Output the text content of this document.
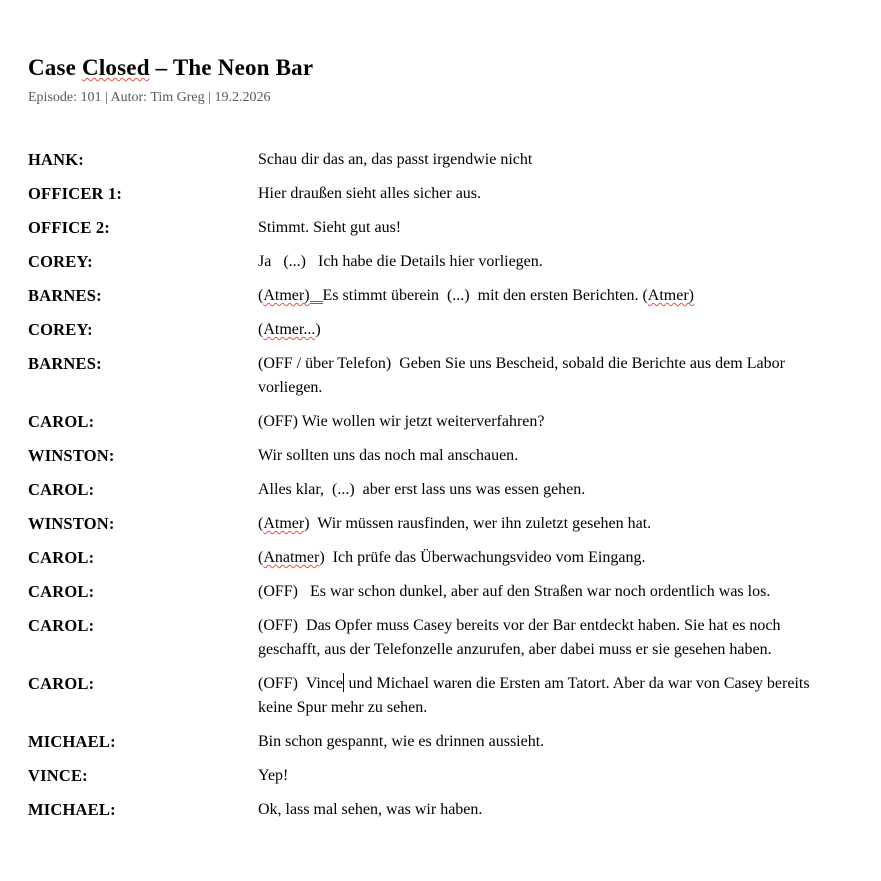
Case Closed – The Neon Bar

Episode: 101 | Autor: Tim Greg | 19.2.2026

HANK:	Schau dir das an, das passt irgendwie nicht

OFFICER 1:	Hier draußen sieht alles sicher aus.

OFFICE 2:	Stimmt. Sieht gut aus!

COREY:	Ja   (...)   Ich habe die Details hier vorliegen.

BARNES:	(Atmer) Es stimmt überein  (...)  mit den ersten Berichten. (Atmer)

COREY:	(Atmer...)

BARNES:	(OFF / über Telefon)  Geben Sie uns Bescheid, sobald die Berichte aus dem Labor vorliegen.

CAROL:	(OFF) Wie wollen wir jetzt weiterverfahren?

WINSTON:	Wir sollten uns das noch mal anschauen.

CAROL:	Alles klar,  (...)  aber erst lass uns was essen gehen.

WINSTON:	(Atmer)  Wir müssen rausfinden, wer ihn zuletzt gesehen hat.

CAROL:	(Anatmer)  Ich prüfe das Überwachungsvideo vom Eingang.

CAROL:	(OFF)   Es war schon dunkel, aber auf den Straßen war noch ordentlich was los.

CAROL:	(OFF)  Das Opfer muss Casey bereits vor der Bar entdeckt haben. Sie hat es noch geschafft, aus der Telefonzelle anzurufen, aber dabei muss er sie gesehen haben.

CAROL:	(OFF)  Vince und Michael waren die Ersten am Tatort. Aber da war von Casey bereits keine Spur mehr zu sehen.

MICHAEL:	Bin schon gespannt, wie es drinnen aussieht.

VINCE:	Yep!

MICHAEL:	Ok, lass mal sehen, was wir haben.
